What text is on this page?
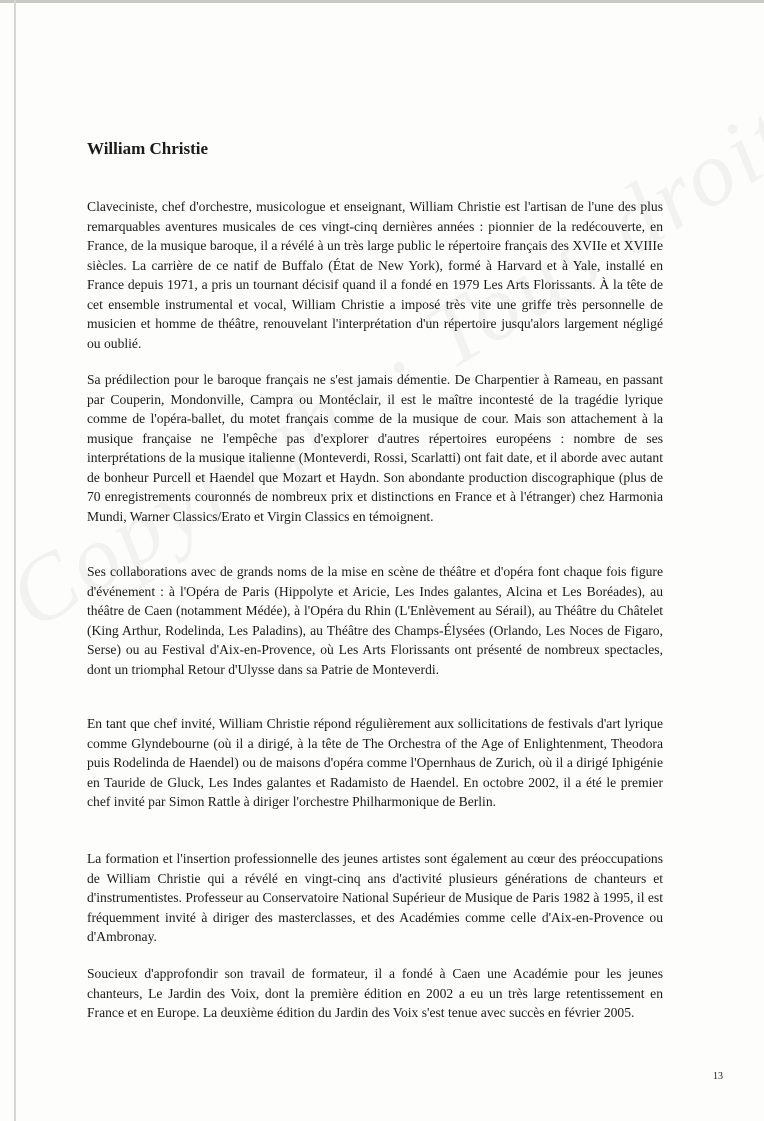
William Christie

Claveciniste, chef d'orchestre, musicologue et enseignant, William Christie est l'artisan de l'une des plus remarquables aventures musicales de ces vingt-cinq dernières années : pionnier de la redécouverte, en France, de la musique baroque, il a révélé à un très large public le répertoire français des XVIIe et XVIIIe siècles. La carrière de ce natif de Buffalo (État de New York), formé à Harvard et à Yale, installé en France depuis 1971, a pris un tournant décisif quand il a fondé en 1979 Les Arts Florissants. À la tête de cet ensemble instrumental et vocal, William Christie a imposé très vite une griffe très personnelle de musicien et homme de théâtre, renouvelant l'interprétation d'un répertoire jusqu'alors largement négligé ou oublié.

Sa prédilection pour le baroque français ne s'est jamais démentie. De Charpentier à Rameau, en passant par Couperin, Mondonville, Campra ou Montéclair, il est le maître incontesté de la tragédie lyrique comme de l'opéra-ballet, du motet français comme de la musique de cour. Mais son attachement à la musique française ne l'empêche pas d'explorer d'autres répertoires européens : nombre de ses interprétations de la musique italienne (Monteverdi, Rossi, Scarlatti) ont fait date, et il aborde avec autant de bonheur Purcell et Haendel que Mozart et Haydn. Son abondante production discographique (plus de 70 enregistrements couronnés de nombreux prix et distinctions en France et à l'étranger) chez Harmonia Mundi, Warner Classics/Erato et Virgin Classics en témoignent.

Ses collaborations avec de grands noms de la mise en scène de théâtre et d'opéra font chaque fois figure d'événement : à l'Opéra de Paris (Hippolyte et Aricie, Les Indes galantes, Alcina et Les Boréades), au théâtre de Caen (notamment Médée), à l'Opéra du Rhin (L'Enlèvement au Sérail), au Théâtre du Châtelet (King Arthur, Rodelinda, Les Paladins), au Théâtre des Champs-Élysées (Orlando, Les Noces de Figaro, Serse) ou au Festival d'Aix-en-Provence, où Les Arts Florissants ont présenté de nombreux spectacles, dont un triomphal Retour d'Ulysse dans sa Patrie de Monteverdi.

En tant que chef invité, William Christie répond régulièrement aux sollicitations de festivals d'art lyrique comme Glyndebourne (où il a dirigé, à la tête de The Orchestra of the Age of Enlightenment, Theodora puis Rodelinda de Haendel) ou de maisons d'opéra comme l'Opernhaus de Zurich, où il a dirigé Iphigénie en Tauride de Gluck, Les Indes galantes et Radamisto de Haendel. En octobre 2002, il a été le premier chef invité par Simon Rattle à diriger l'orchestre Philharmonique de Berlin.

La formation et l'insertion professionnelle des jeunes artistes sont également au cœur des préoccupations de William Christie qui a révélé en vingt-cinq ans d'activité plusieurs générations de chanteurs et d'instrumentistes. Professeur au Conservatoire National Supérieur de Musique de Paris 1982 à 1995, il est fréquemment invité à diriger des masterclasses, et des Académies comme celle d'Aix-en-Provence ou d'Ambronay.

Soucieux d'approfondir son travail de formateur, il a fondé à Caen une Académie pour les jeunes chanteurs, Le Jardin des Voix, dont la première édition en 2002 a eu un très large retentissement en France et en Europe. La deuxième édition du Jardin des Voix s'est tenue avec succès en février 2005.

13
